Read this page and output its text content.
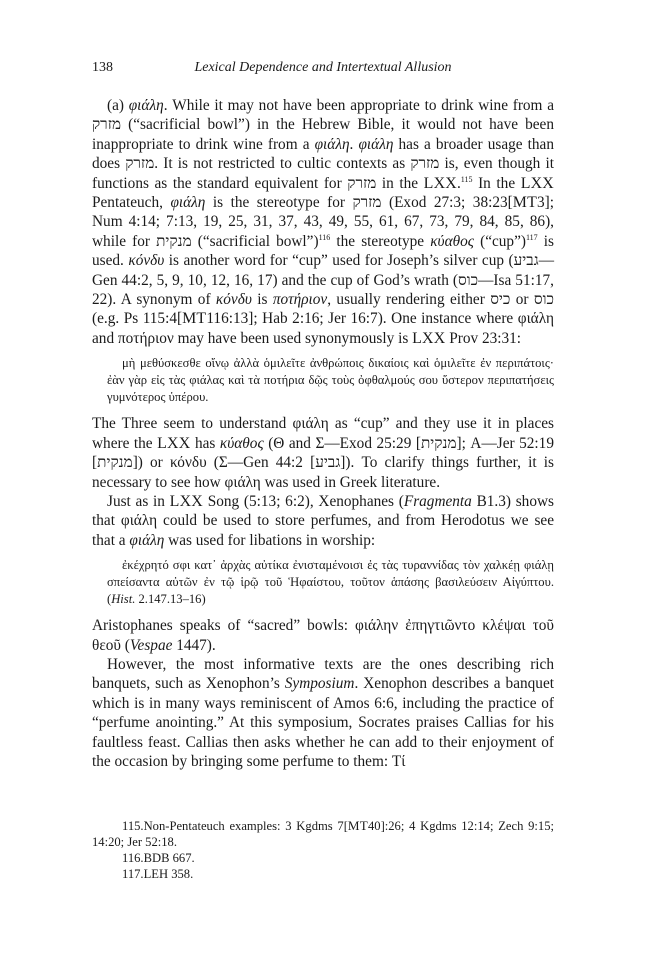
138	Lexical Dependence and Intertextual Allusion

(a) φιάλη. While it may not have been appropriate to drink wine from a מזרק (“sacrificial bowl”) in the Hebrew Bible, it would not have been inappropriate to drink wine from a φιάλη. φιάλη has a broader usage than does מזרק. It is not restricted to cultic contexts as מזרק is, even though it functions as the standard equivalent for מזרק in the LXX.$^{115}$ In the LXX Pentateuch, φιάλη is the stereotype for מזרק (Exod 27:3; 38:23[MT3]; Num 4:14; 7:13, 19, 25, 31, 37, 43, 49, 55, 61, 67, 73, 79, 84, 85, 86), while for מנקית (“sacrificial bowl”)$^{116}$ the stereotype κύαθος (“cup”)$^{117}$ is used. κόνδυ is another word for “cup” used for Joseph’s silver cup (גביע—Gen 44:2, 5, 9, 10, 12, 16, 17) and the cup of God’s wrath (כוס—Isa 51:17, 22). A synonym of κόνδυ is ποτήριον, usually rendering either כיס or כוס (e.g. Ps 115:4[MT116:13]; Hab 2:16; Jer 16:7). One instance where φιάλη and ποτήριον may have been used synonymously is LXX Prov 23:31:

μὴ μεθύσκεσθε οἴνῳ ἀλλὰ ὁμιλεῖτε ἀνθρώποις δικαίοις καὶ ὁμιλεῖτε ἐν περιπάτοις· ἐὰν γὰρ εἰς τὰς φιάλας καὶ τὰ ποτήρια δῷς τοὺς ὀφθαλμούς σου ὕστερον περιπατήσεις γυμνότερος ὑπέρου.

The Three seem to understand φιάλη as “cup” and they use it in places where the LXX has κύαθος (Θ and Σ—Exod 25:29 [מנקית]; Α—Jer 52:19 [מנקית]) or κόνδυ (Σ—Gen 44:2 [גביע]). To clarify things further, it is necessary to see how φιάλη was used in Greek literature.

Just as in LXX Song (5:13; 6:2), Xenophanes (Fragmenta B1.3) shows that φιάλη could be used to store perfumes, and from Herodotus we see that a φιάλη was used for libations in worship:

ἐκέχρητό σφι κατ᾽ ἀρχὰς αὐτίκα ἐνισταμένοισι ἐς τὰς τυραννίδας τὸν χαλκέῃ φιάλῃ σπείσαντα αὐτῶν ἐν τῷ ἱρῷ τοῦ Ἡφαίστου, τοῦτον ἁπάσης βασιλεύσειν Αἰγύπτου. (Hist. 2.147.13–16)

Aristophanes speaks of “sacred” bowls: φιάλην ἐπηγτιῶντο κλέψαι τοῦ θεοῦ (Vespae 1447).

However, the most informative texts are the ones describing rich banquets, such as Xenophon’s Symposium. Xenophon describes a banquet which is in many ways reminiscent of Amos 6:6, including the practice of “perfume anointing.” At this symposium, Socrates praises Callias for his faultless feast. Callias then asks whether he can add to their enjoyment of the occasion by bringing some perfume to them: Τί

115.Non-Pentateuch examples: 3 Kgdms 7[MT40]:26; 4 Kgdms 12:14; Zech 9:15; 14:20; Jer 52:18.

116.BDB 667.

117.LEH 358.
